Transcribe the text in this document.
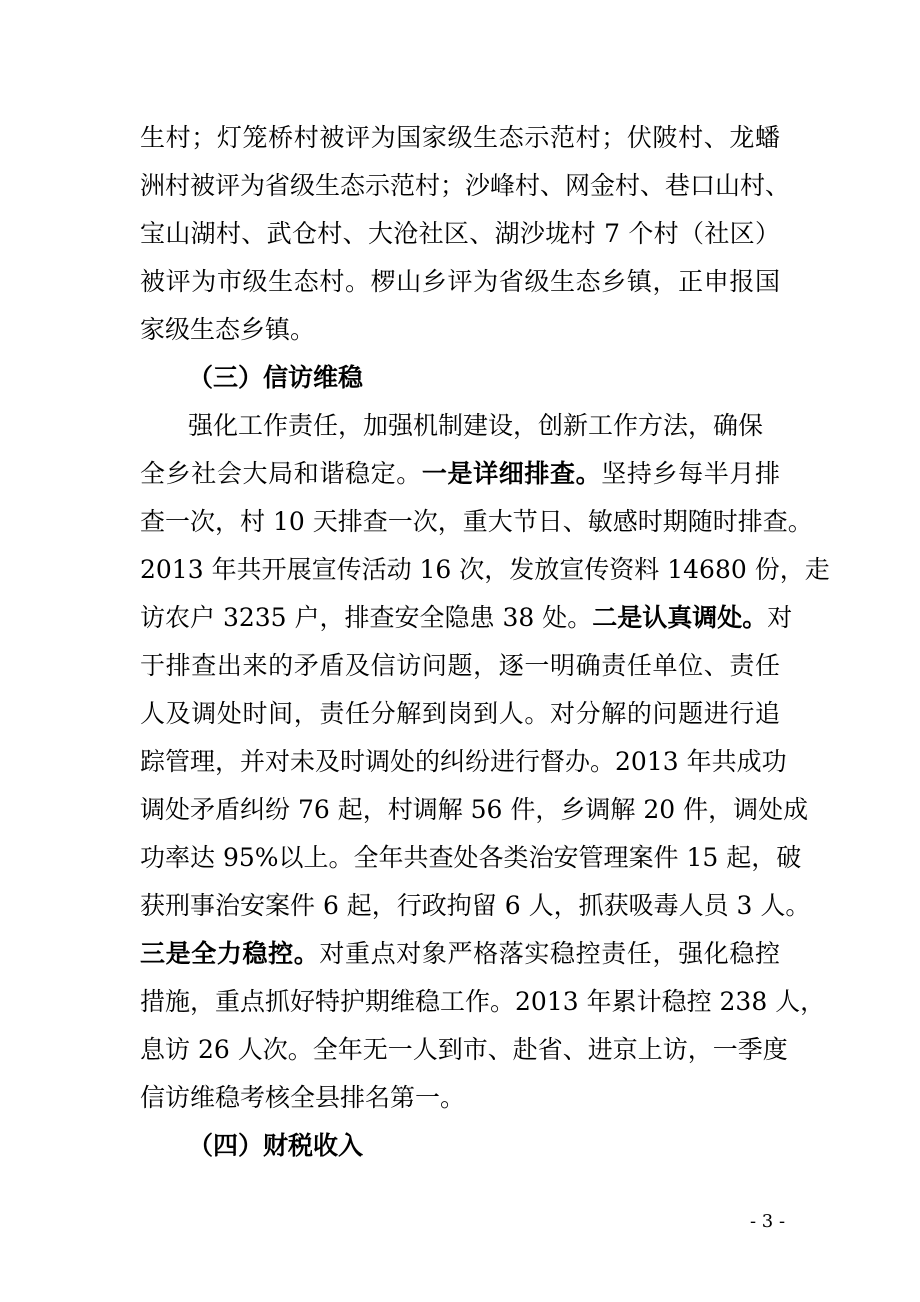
生村；灯笼桥村被评为国家级生态示范村；伏陂村、龙蟠
洲村被评为省级生态示范村；沙峰村、网金村、巷口山村、
宝山湖村、武仓村、大沧社区、湖沙垅村 7 个村（社区）
被评为市级生态村。椤山乡评为省级生态乡镇，正申报国
家级生态乡镇。
（三）信访维稳
强化工作责任，加强机制建设，创新工作方法，确保
全乡社会大局和谐稳定。一是详细排查。坚持乡每半月排
查一次，村 10 天排查一次，重大节日、敏感时期随时排查。
2013 年共开展宣传活动 16 次，发放宣传资料 14680 份，走
访农户 3235 户，排查安全隐患 38 处。二是认真调处。对
于排查出来的矛盾及信访问题，逐一明确责任单位、责任
人及调处时间，责任分解到岗到人。对分解的问题进行追
踪管理，并对未及时调处的纠纷进行督办。2013 年共成功
调处矛盾纠纷 76 起，村调解 56 件，乡调解 20 件，调处成
功率达 95%以上。全年共查处各类治安管理案件 15 起，破
获刑事治安案件 6 起，行政拘留 6 人，抓获吸毒人员 3 人。
三是全力稳控。对重点对象严格落实稳控责任，强化稳控
措施，重点抓好特护期维稳工作。2013 年累计稳控 238 人，
息访 26 人次。全年无一人到市、赴省、进京上访，一季度
信访维稳考核全县排名第一。
（四）财税收入
- 3 -
